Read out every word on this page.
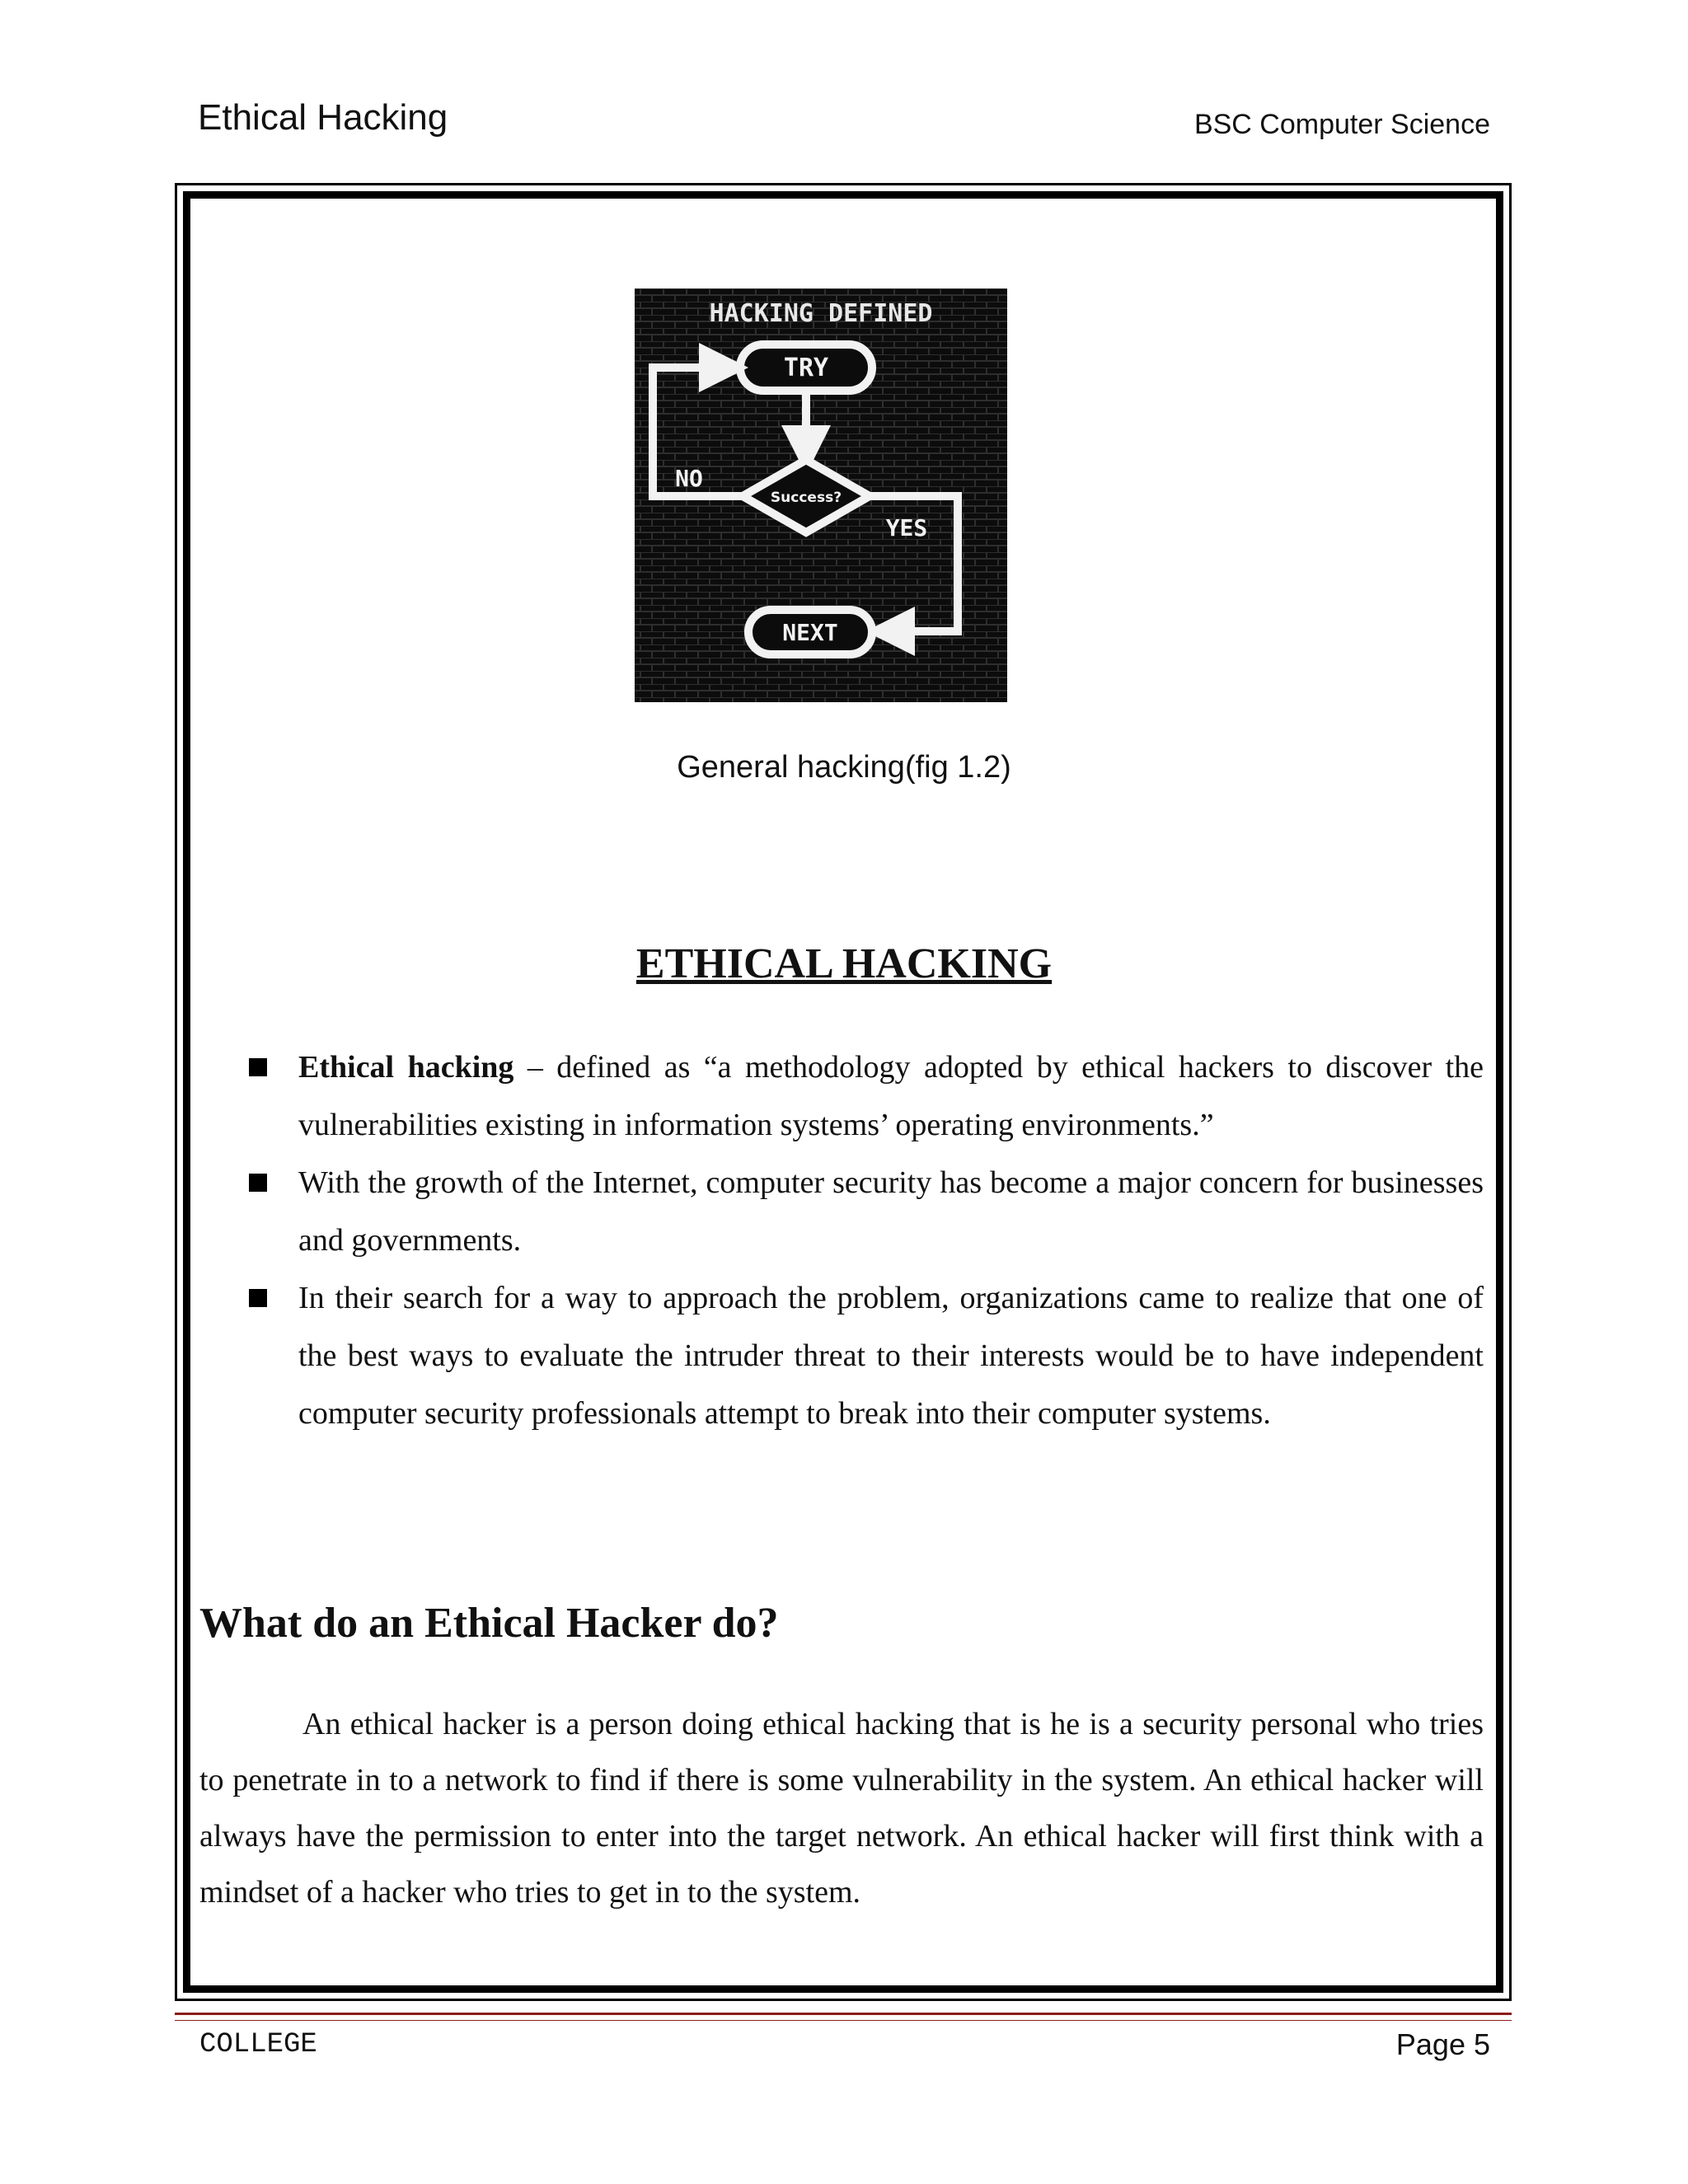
Ethical Hacking	BSC Computer Science
HACKING DEFINED
TRY
Success?
NO
YES
NEXT
General hacking(fig 1.2)
ETHICAL HACKING
Ethical hacking – defined as “a methodology adopted by ethical hackers to discover the vulnerabilities existing in information systems’ operating environments.”
With the growth of the Internet, computer security has become a major concern for businesses and governments.
In their search for a way to approach the problem, organizations came to realize that one of the best ways to evaluate the intruder threat to their interests would be to have independent computer security professionals attempt to break into their computer systems.
What do an Ethical Hacker do?

An ethical hacker is a person doing ethical hacking that is he is a security personal who tries to penetrate in to a network to find if there is some vulnerability in the system. An ethical hacker will always have the permission to enter into the target network. An ethical hacker will first think with a mindset of a hacker who tries to get in to the system.

COLLEGE	Page 5
